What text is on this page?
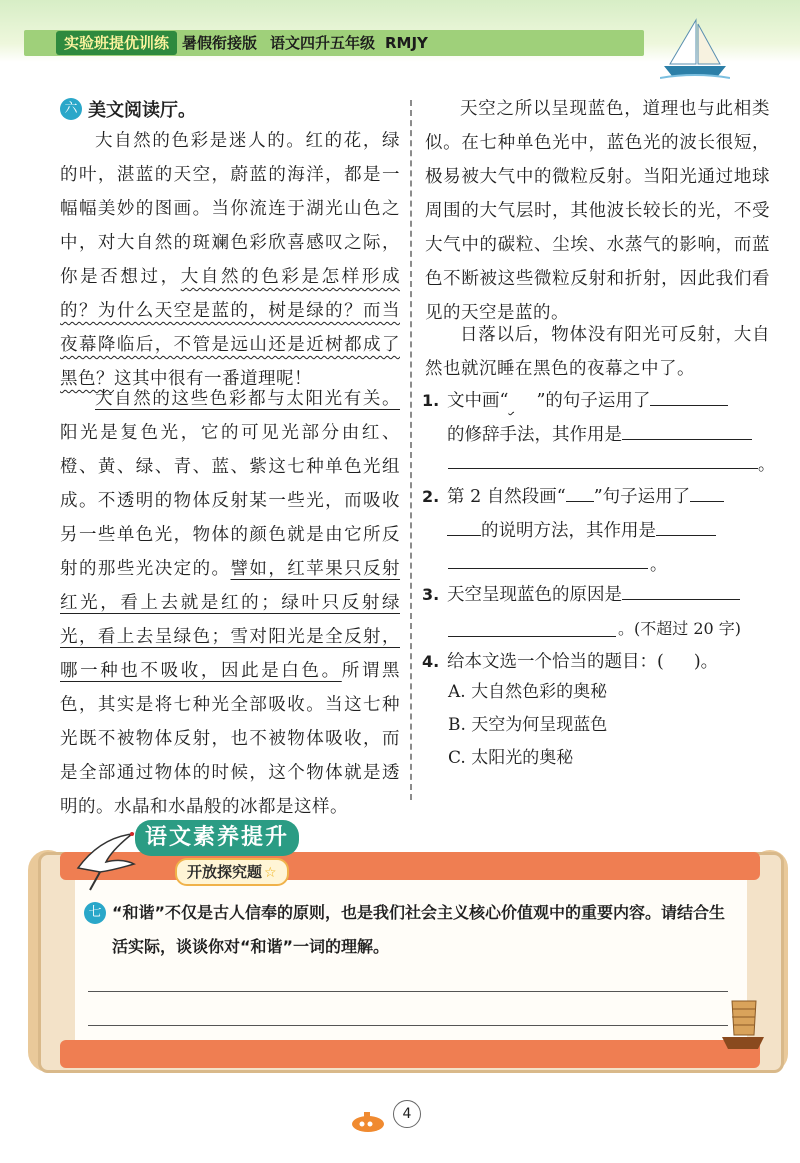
实验班提优训练 暑假衔接版 语文四升五年级 RMJY
六 美文阅读厅。
大自然的色彩是迷人的。红的花，绿的叶，湛蓝的天空，蔚蓝的海洋，都是一幅幅美妙的图画。当你流连于湖光山色之中，对大自然的斑斓色彩欣喜感叹之际，你是否想过，大自然的色彩是怎样形成的？为什么天空是蓝的，树是绿的？而当夜幕降临后，不管是远山还是近树都成了黑色？这其中很有一番道理呢！
大自然的这些色彩都与太阳光有关。阳光是复色光，它的可见光部分由红、橙、黄、绿、青、蓝、紫这七种单色光组成。不透明的物体反射某一些光，而吸收另一些单色光，物体的颜色就是由它所反射的那些光决定的。譬如，红苹果只反射红光，看上去就是红的；绿叶只反射绿光，看上去呈绿色；雪对阳光是全反射，哪一种也不吸收，因此是白色。所谓黑色，其实是将七种光全部吸收。当这七种光既不被物体反射，也不被物体吸收，而是全部通过物体的时候，这个物体就是透明的。水晶和水晶般的冰都是这样。
天空之所以呈现蓝色，道理也与此相类似。在七种单色光中，蓝色光的波长很短，极易被大气中的微粒反射。当阳光通过地球周围的大气层时，其他波长较长的光，不受大气中的碳粒、尘埃、水蒸气的影响，而蓝色不断被这些微粒反射和折射，因此我们看见的天空是蓝的。
日落以后，物体没有阳光可反射，大自然也就沉睡在黑色的夜幕之中了。
1. 文中画“ ”的句子运用了
的修辞手法，其作用是
。
2. 第 2 自然段画“ ”句子运用了
的说明方法，其作用是
。
3. 天空呈现蓝色的原因是
。(不超过 20 字)
4. 给本文选一个恰当的题目：( )。
A. 大自然色彩的奥秘
B. 天空为何呈现蓝色
C. 太阳光的奥秘
语文素养提升
开放探究题 ☆
七 “和谐”不仅是古人信奉的原则，也是我们社会主义核心价值观中的重要内容。请结合生活实际，谈谈你对“和谐”一词的理解。
4
